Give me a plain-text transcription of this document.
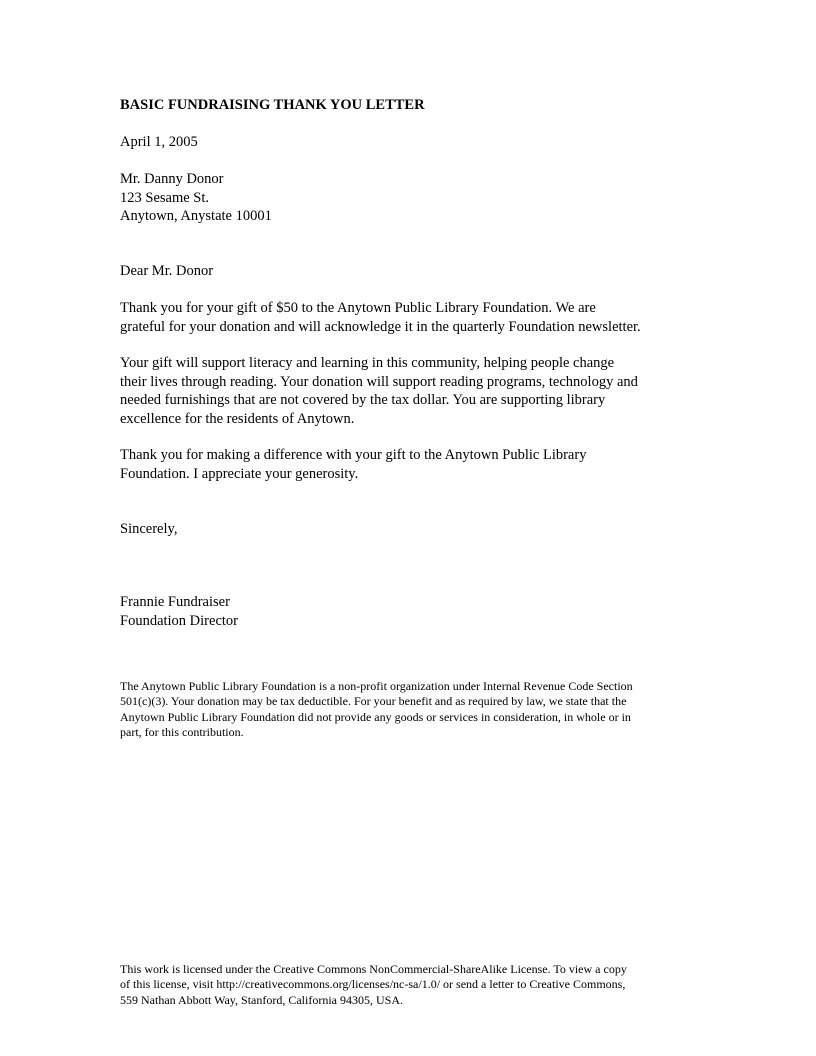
BASIC FUNDRAISING THANK YOU LETTER
April 1, 2005
Mr. Danny Donor
123 Sesame St.
Anytown, Anystate 10001
Dear Mr. Donor
Thank you for your gift of $50 to the Anytown Public Library Foundation. We are
grateful for your donation and will acknowledge it in the quarterly Foundation newsletter.
Your gift will support literacy and learning in this community, helping people change
their lives through reading. Your donation will support reading programs, technology and
needed furnishings that are not covered by the tax dollar. You are supporting library
excellence for the residents of Anytown.
Thank you for making a difference with your gift to the Anytown Public Library
Foundation. I appreciate your generosity.
Sincerely,
Frannie Fundraiser
Foundation Director
The Anytown Public Library Foundation is a non-profit organization under Internal Revenue Code Section
501(c)(3). Your donation may be tax deductible. For your benefit and as required by law, we state that the
Anytown Public Library Foundation did not provide any goods or services in consideration, in whole or in
part, for this contribution.
This work is licensed under the Creative Commons NonCommercial-ShareAlike License. To view a copy
of this license, visit http://creativecommons.org/licenses/nc-sa/1.0/ or send a letter to Creative Commons,
559 Nathan Abbott Way, Stanford, California 94305, USA.
